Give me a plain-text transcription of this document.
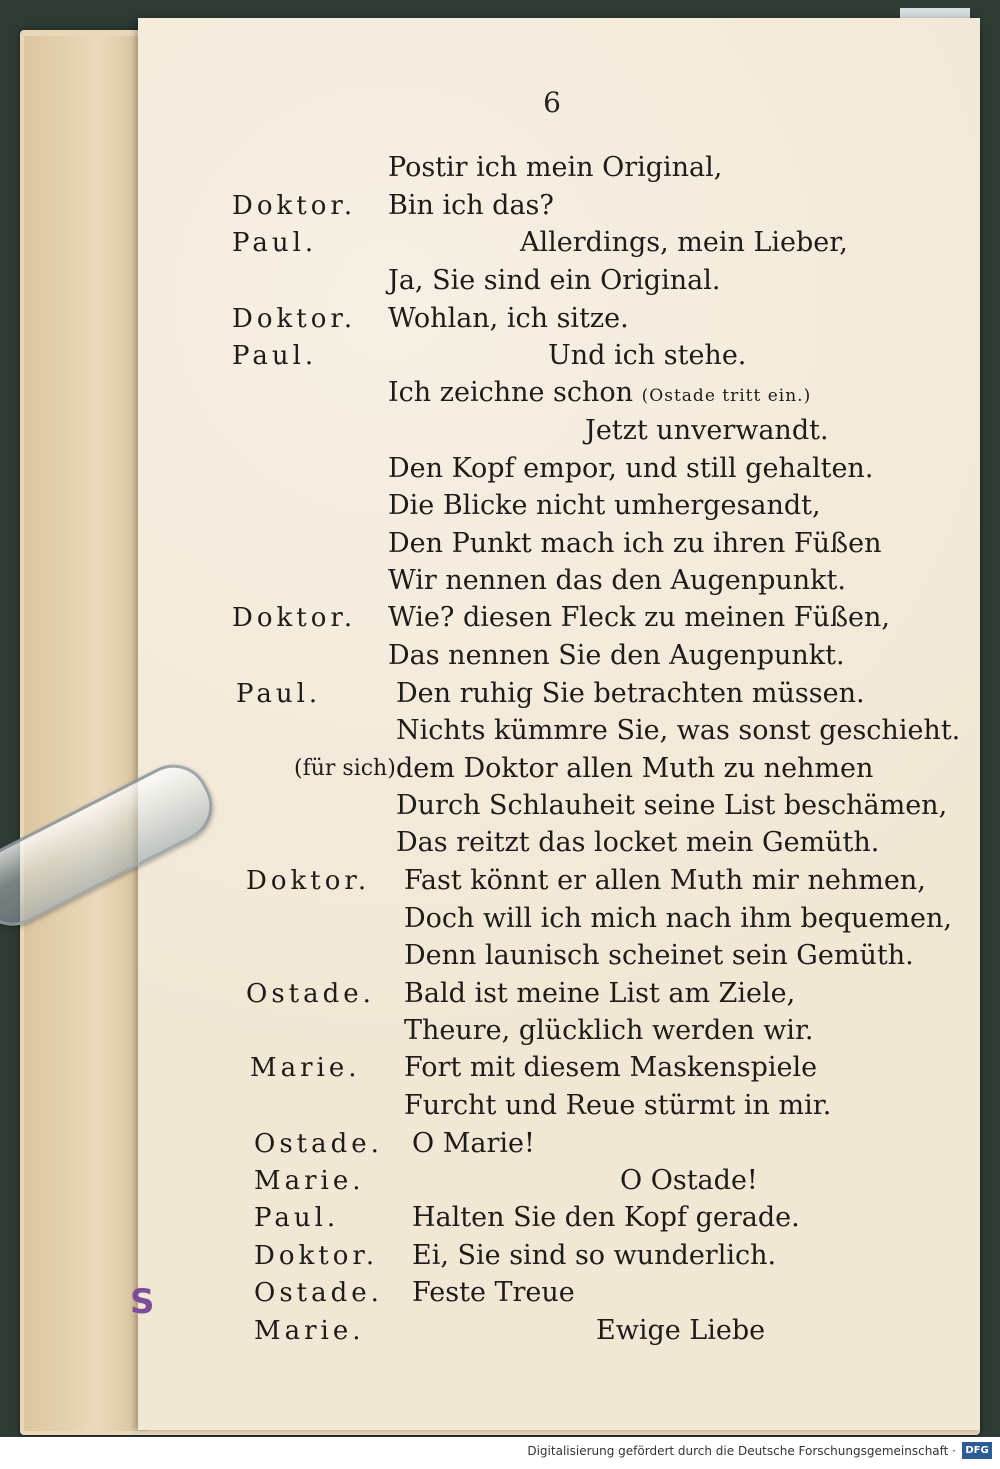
6
Postir ich mein Original,
Doktor. Bin ich das?
Paul.	Allerdings, mein Lieber,
Ja, Sie sind ein Original.
Doktor. Wohlan, ich sitze.
Paul.	Und ich stehe.
Ich zeichne schon (Ostade tritt ein.)
Jetzt unverwandt.
Den Kopf empor, und still gehalten.
Die Blicke nicht umhergesandt,
Den Punkt mach ich zu ihren Füßen
Wir nennen das den Augenpunkt.
Doktor. Wie? diesen Fleck zu meinen Füßen,
Das nennen Sie den Augenpunkt.
Paul.	Den ruhig Sie betrachten müssen.
Nichts kümmre Sie, was sonst geschieht.
(für sich) dem Doktor allen Muth zu nehmen
Durch Schlauheit seine List beschämen,
Das reitzt das locket mein Gemüth.
Doktor. Fast könnt er allen Muth mir nehmen,
Doch will ich mich nach ihm bequemen,
Denn launisch scheinet sein Gemüth.
Ostade. Bald ist meine List am Ziele,
Theure, glücklich werden wir.
Marie. Fort mit diesem Maskenspiele
Furcht und Reue stürmt in mir.
Ostade. O Marie!
Marie.	O Ostade!
Paul.	Halten Sie den Kopf gerade.
Doktor. Ei, Sie sind so wunderlich.
Ostade. Feste Treue
Marie.	Ewige Liebe
S
Digitalisierung gefördert durch die Deutsche Forschungsgemeinschaft · DFG
